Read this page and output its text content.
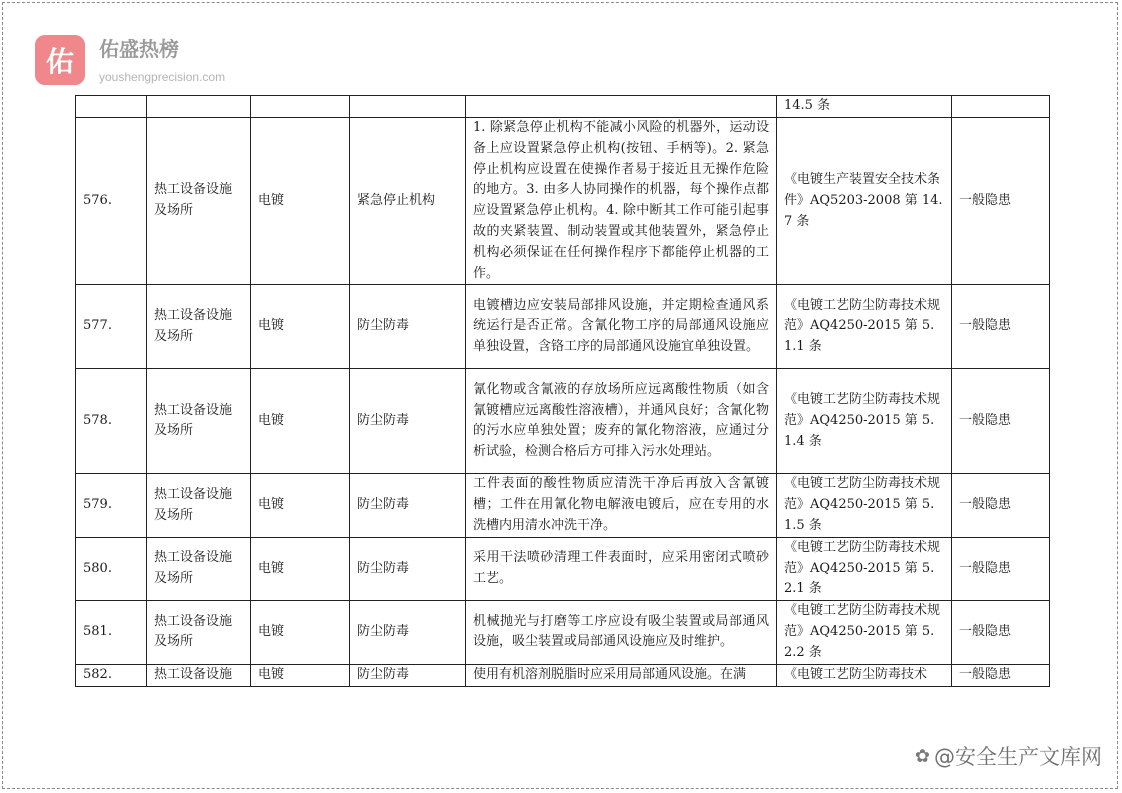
佑	佑盛热榜
youshengprecision.com
					14.5 条	
576.	热工设备设施及场所	电镀	紧急停止机构	1. 除紧急停止机构不能减小风险的机器外，运动设备上应设置紧急停止机构(按钮、手柄等)。2. 紧急停止机构应设置在使操作者易于接近且无操作危险的地方。3. 由多人协同操作的机器，每个操作点都应设置紧急停止机构。4. 除中断其工作可能引起事故的夹紧装置、制动装置或其他装置外，紧急停止机构必须保证在任何操作程序下都能停止机器的工作。	《电镀生产装置安全技术条件》AQ5203-2008 第 14.7 条	一般隐患
577.	热工设备设施及场所	电镀	防尘防毒	电镀槽边应安装局部排风设施，并定期检查通风系统运行是否正常。含氰化物工序的局部通风设施应单独设置，含铬工序的局部通风设施宜单独设置。	《电镀工艺防尘防毒技术规范》AQ4250-2015 第 5.1.1 条	一般隐患
578.	热工设备设施及场所	电镀	防尘防毒	氰化物或含氰液的存放场所应远离酸性物质（如含氰镀槽应远离酸性溶液槽），并通风良好；含氰化物的污水应单独处置；废弃的氰化物溶液，应通过分析试验，检测合格后方可排入污水处理站。	《电镀工艺防尘防毒技术规范》AQ4250-2015 第 5.1.4 条	一般隐患
579.	热工设备设施及场所	电镀	防尘防毒	工件表面的酸性物质应清洗干净后再放入含氰镀槽；工件在用氰化物电解液电镀后，应在专用的水洗槽内用清水冲洗干净。	《电镀工艺防尘防毒技术规范》AQ4250-2015 第 5.1.5 条	一般隐患
580.	热工设备设施及场所	电镀	防尘防毒	采用干法喷砂清理工件表面时，应采用密闭式喷砂工艺。	《电镀工艺防尘防毒技术规范》AQ4250-2015 第 5.2.1 条	一般隐患
581.	热工设备设施及场所	电镀	防尘防毒	机械抛光与打磨等工序应设有吸尘装置或局部通风设施，吸尘装置或局部通风设施应及时维护。	《电镀工艺防尘防毒技术规范》AQ4250-2015 第 5.2.2 条	一般隐患
582.	热工设备设施	电镀	防尘防毒	使用有机溶剂脱脂时应采用局部通风设施。在满	《电镀工艺防尘防毒技术	一般隐患
✿ @安全生产文库网
